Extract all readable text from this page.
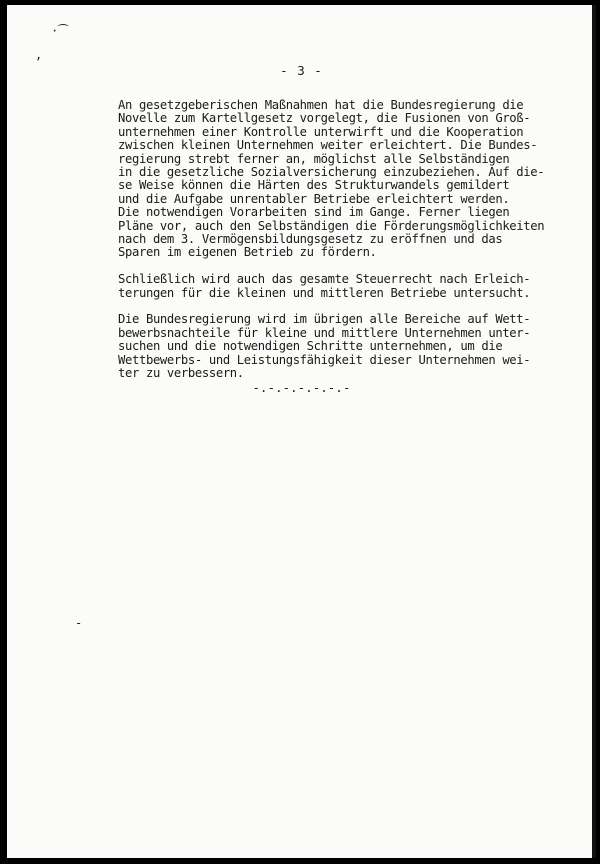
·⁀
,
-
- 3 -

An gesetzgeberischen Maßnahmen hat die Bundesregierung die
Novelle zum Kartellgesetz vorgelegt, die Fusionen von Groß-
unternehmen einer Kontrolle unterwirft und die Kooperation
zwischen kleinen Unternehmen weiter erleichtert. Die Bundes-
regierung strebt ferner an, möglichst alle Selbständigen
in die gesetzliche Sozialversicherung einzubeziehen. Auf die-
se Weise können die Härten des Strukturwandels gemildert
und die Aufgabe unrentabler Betriebe erleichtert werden.
Die notwendigen Vorarbeiten sind im Gange. Ferner liegen
Pläne vor, auch den Selbständigen die Förderungsmöglichkeiten
nach dem 3. Vermögensbildungsgesetz zu eröffnen und das
Sparen im eigenen Betrieb zu fördern.

Schließlich wird auch das gesamte Steuerrecht nach Erleich-
terungen für die kleinen und mittleren Betriebe untersucht.

Die Bundesregierung wird im übrigen alle Bereiche auf Wett-
bewerbsnachteile für kleine und mittlere Unternehmen unter-
suchen und die notwendigen Schritte unternehmen, um die
Wettbewerbs- und Leistungsfähigkeit dieser Unternehmen wei-
ter zu verbessern.

-.-.-.-.-.-.-
